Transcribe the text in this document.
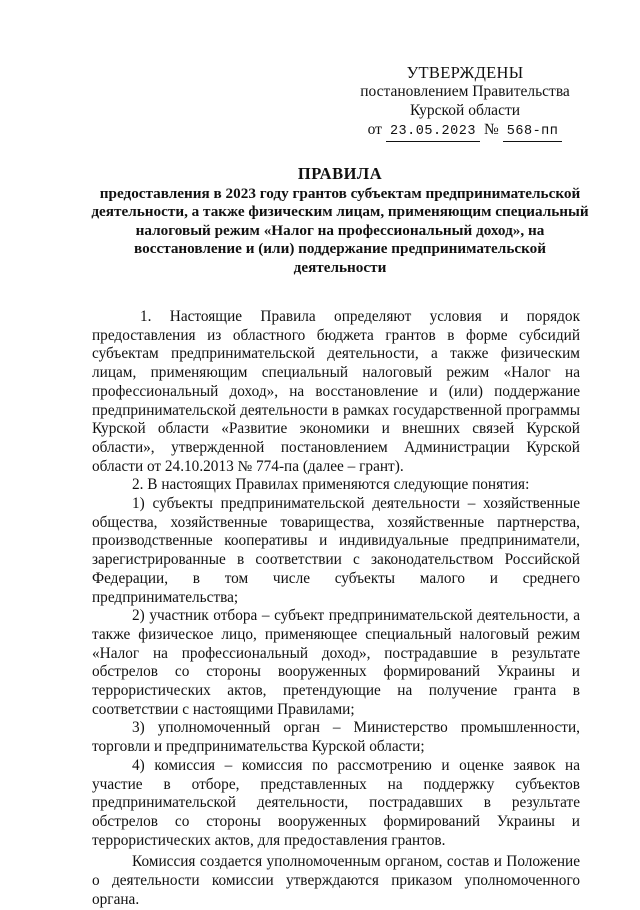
УТВЕРЖДЕНЫ
постановлением Правительства
Курской области
от 23.05.2023 № 568-пп
ПРАВИЛА
предоставления в 2023 году грантов субъектам предпринимательской деятельности, а также физическим лицам, применяющим специальный налоговый режим «Налог на профессиональный доход», на восстановление и (или) поддержание предпринимательской деятельности

1. Настоящие Правила определяют условия и порядок предоставления из областного бюджета грантов в форме субсидий субъектам предпринимательской деятельности, а также физическим лицам, применяющим специальный налоговый режим «Налог на профессиональный доход», на восстановление и (или) поддержание предпринимательской деятельности в рамках государственной программы Курской области «Развитие экономики и внешних связей Курской области», утвержденной постановлением Администрации Курской области от 24.10.2013 № 774-па (далее – грант).

2. В настоящих Правилах применяются следующие понятия:

1) субъекты предпринимательской деятельности – хозяйственные общества, хозяйственные товарищества, хозяйственные партнерства, производственные кооперативы и индивидуальные предприниматели, зарегистрированные в соответствии с законодательством Российской Федерации, в том числе субъекты малого и среднего предпринимательства;

2) участник отбора – субъект предпринимательской деятельности, а также физическое лицо, применяющее специальный налоговый режим «Налог на профессиональный доход», пострадавшие в результате обстрелов со стороны вооруженных формирований Украины и террористических актов, претендующие на получение гранта в соответствии с настоящими Правилами;

3) уполномоченный орган – Министерство промышленности, торговли и предпринимательства Курской области;

4) комиссия – комиссия по рассмотрению и оценке заявок на участие в отборе, представленных на поддержку субъектов предпринимательской деятельности, пострадавших в результате обстрелов со стороны вооруженных формирований Украины и террористических актов, для предоставления грантов.

Комиссия создается уполномоченным органом, состав и Положение о деятельности комиссии утверждаются приказом уполномоченного органа.
